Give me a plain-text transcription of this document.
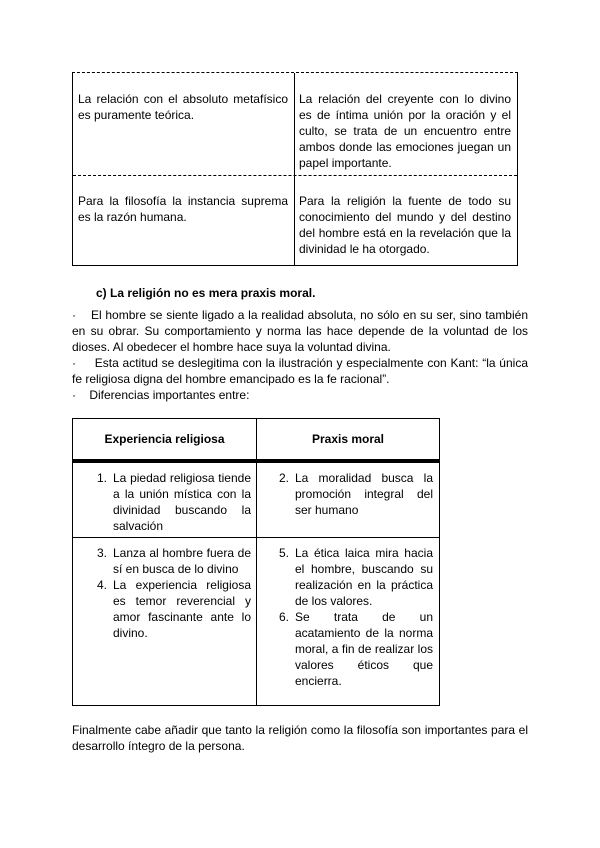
La relación con el absoluto metafísico es puramente teórica.
La relación del creyente con lo divino es de íntima unión por la oración y el culto, se trata de un encuentro entre ambos donde las emociones juegan un papel importante.
Para la filosofía la instancia suprema es la razón humana.
Para la religión la fuente de todo su conocimiento del mundo y del destino del hombre está en la revelación que la divinidad le ha otorgado.
c) La religión no es mera praxis moral.
· El hombre se siente ligado a la realidad absoluta, no sólo en su ser, sino también en su obrar. Su comportamiento y norma las hace depende de la voluntad de los dioses. Al obedecer el hombre hace suya la voluntad divina.
· Esta actitud se deslegitima con la ilustración y especialmente con Kant: “la única fe religiosa digna del hombre emancipado es la fe racional”.
· Diferencias importantes entre:
Experiencia religiosa	Praxis moral
1. La piedad religiosa tiende a la unión mística con la divinidad buscando la salvación
2. La moralidad busca la promoción integral del ser humano
3. Lanza al hombre fuera de sí en busca de lo divino
4. La experiencia religiosa es temor reverencial y amor fascinante ante lo divino.
5. La ética laica mira hacia el hombre, buscando su realización en la práctica de los valores.
6. Se trata de un acatamiento de la norma moral, a fin de realizar los valores éticos que encierra.
Finalmente cabe añadir que tanto la religión como la filosofía son importantes para el desarrollo íntegro de la persona.
